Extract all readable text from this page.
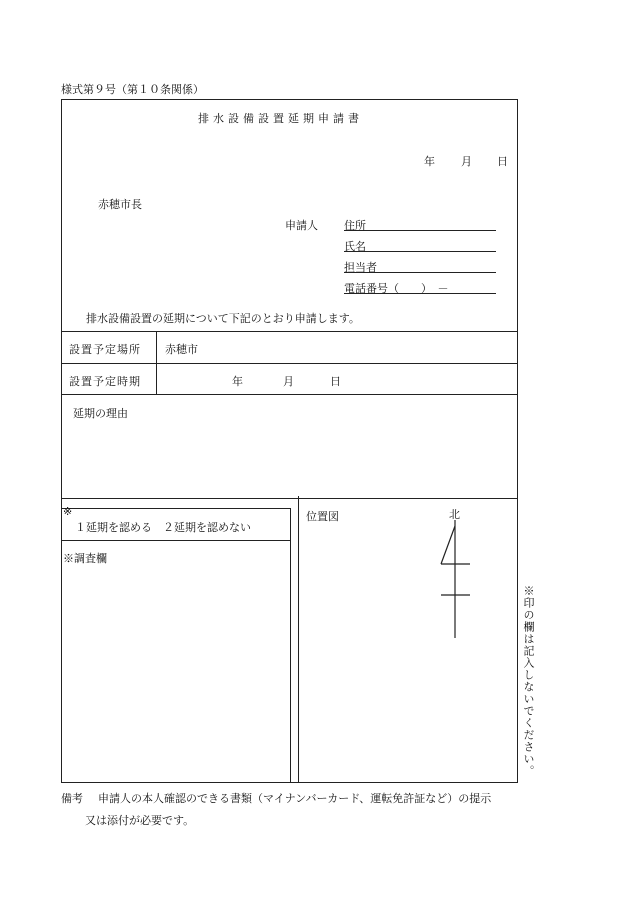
様式第９号（第１０条関係）
排水設備設置延期申請書
年 月 日
赤穂市長
申請人 住所
氏名
担当者
電話番号（　　）　－
排水設備設置の延期について下記のとおり申請します。
設置予定場所 赤穂市
設置予定時期	年	月	日
延期の理由
※
１延期を認める　２延期を認めない
※調査欄
位置図	北
※印の欄は記入しないでください。
備考 申請人の本人確認のできる書類（マイナンバーカード、運転免許証など）の提示
又は添付が必要です。
